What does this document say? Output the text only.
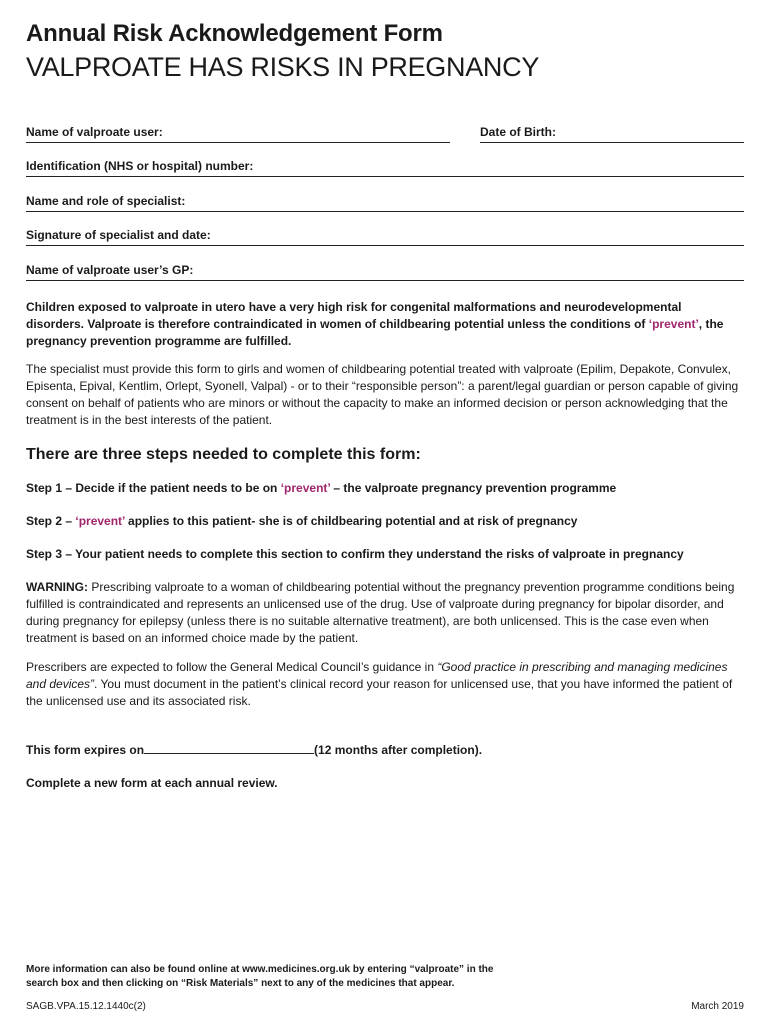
Annual Risk Acknowledgement Form
VALPROATE HAS RISKS IN PREGNANCY
Name of valproate user:	Date of Birth:
Identification (NHS or hospital) number:
Name and role of specialist:
Signature of specialist and date:
Name of valproate user’s GP:
Children exposed to valproate in utero have a very high risk for congenital malformations and neurodevelopmental disorders. Valproate is therefore contraindicated in women of childbearing potential unless the conditions of ‘prevent’, the pregnancy prevention programme are fulfilled.
The specialist must provide this form to girls and women of childbearing potential treated with valproate (Epilim, Depakote, Convulex, Episenta, Epival, Kentlim, Orlept, Syonell, Valpal) - or to their “responsible person”: a parent/legal guardian or person capable of giving consent on behalf of patients who are minors or without the capacity to make an informed decision or person acknowledging that the treatment is in the best interests of the patient.
There are three steps needed to complete this form:
Step 1 – Decide if the patient needs to be on ‘prevent’ – the valproate pregnancy prevention programme
Step 2 – ‘prevent’ applies to this patient- she is of childbearing potential and at risk of pregnancy
Step 3 – Your patient needs to complete this section to confirm they understand the risks of valproate in pregnancy
WARNING: Prescribing valproate to a woman of childbearing potential without the pregnancy prevention programme conditions being fulfilled is contraindicated and represents an unlicensed use of the drug. Use of valproate during pregnancy for bipolar disorder, and during pregnancy for epilepsy (unless there is no suitable alternative treatment), are both unlicensed. This is the case even when treatment is based on an informed choice made by the patient.
Prescribers are expected to follow the General Medical Council’s guidance in “Good practice in prescribing and managing medicines and devices”. You must document in the patient’s clinical record your reason for unlicensed use, that you have informed the patient of the unlicensed use and its associated risk.
This form expires on	(12 months after completion).
Complete a new form at each annual review.
More information can also be found online at www.medicines.org.uk by entering “valproate” in the search box and then clicking on “Risk Materials” next to any of the medicines that appear.
SAGB.VPA.15.12.1440c(2)	March 2019
